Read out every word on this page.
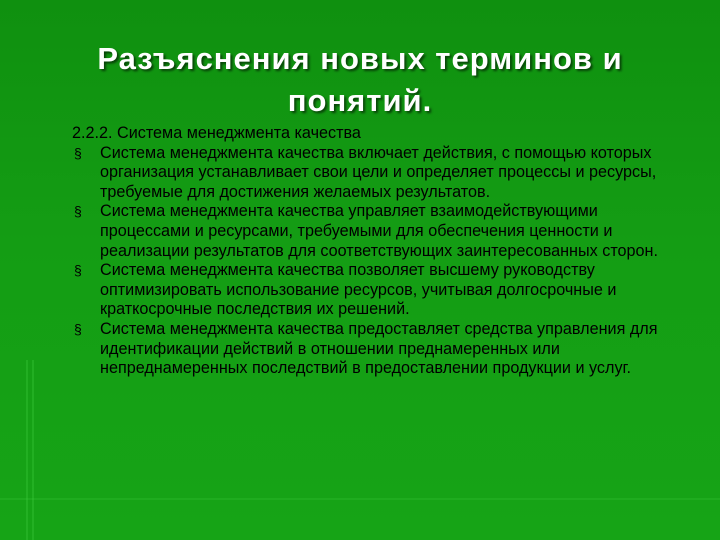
Разъяснения новых терминов и
понятий.
2.2.2. Система менеджмента качества
§	Система менеджмента качества включает действия, с помощью которых организация устанавливает свои цели и определяет процессы и ресурсы, требуемые для достижения желаемых результатов.
§	Система менеджмента качества управляет взаимодействующими процессами и ресурсами, требуемыми для обеспечения ценности и реализации результатов для соответствующих заинтересованных сторон.
§	Система менеджмента качества позволяет высшему руководству оптимизировать использование ресурсов, учитывая долгосрочные и краткосрочные последствия их решений.
§	Система менеджмента качества предоставляет средства управления для идентификации действий в отношении преднамеренных или непреднамеренных последствий в предоставлении продукции и услуг.
